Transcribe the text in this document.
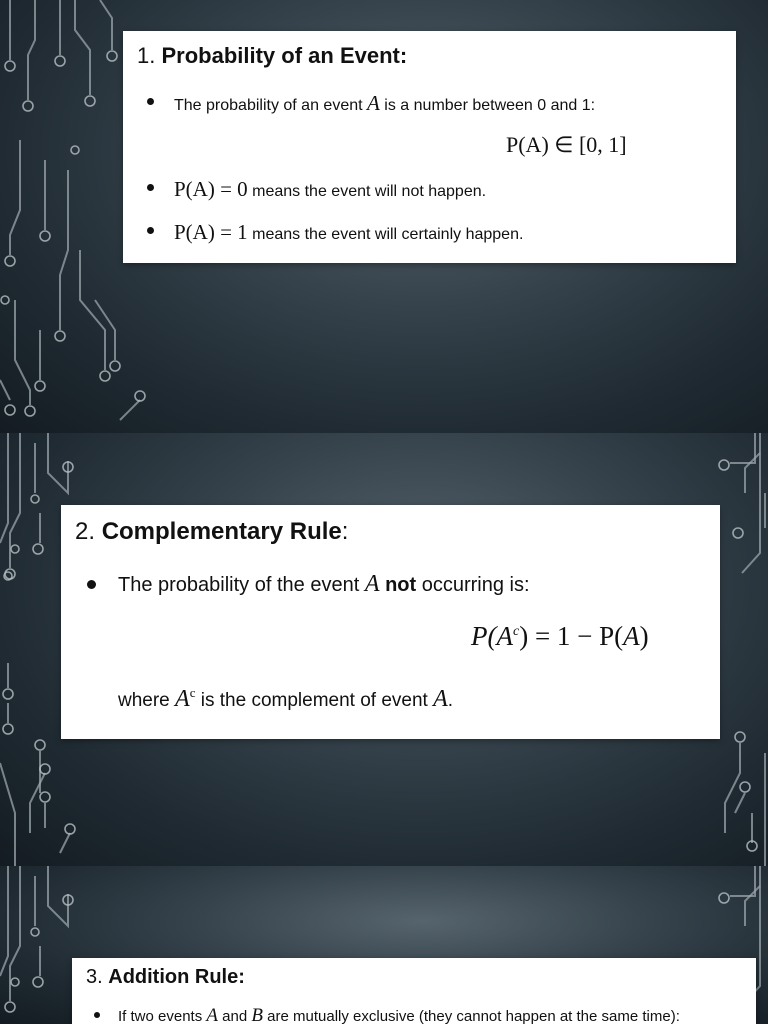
1. Probability of an Event:
The probability of an event A is a number between 0 and 1:
P(A) = 0 means the event will not happen.
P(A) = 1 means the event will certainly happen.
P(A) ∈ [0, 1]
2. Complementary Rule:
The probability of the event A not occurring is:
$P(A^c) = 1 - P(A)$
where $A^c$ is the complement of event A.
3. Addition Rule:
If two events A and B are mutually exclusive (they cannot happen at the same time):
